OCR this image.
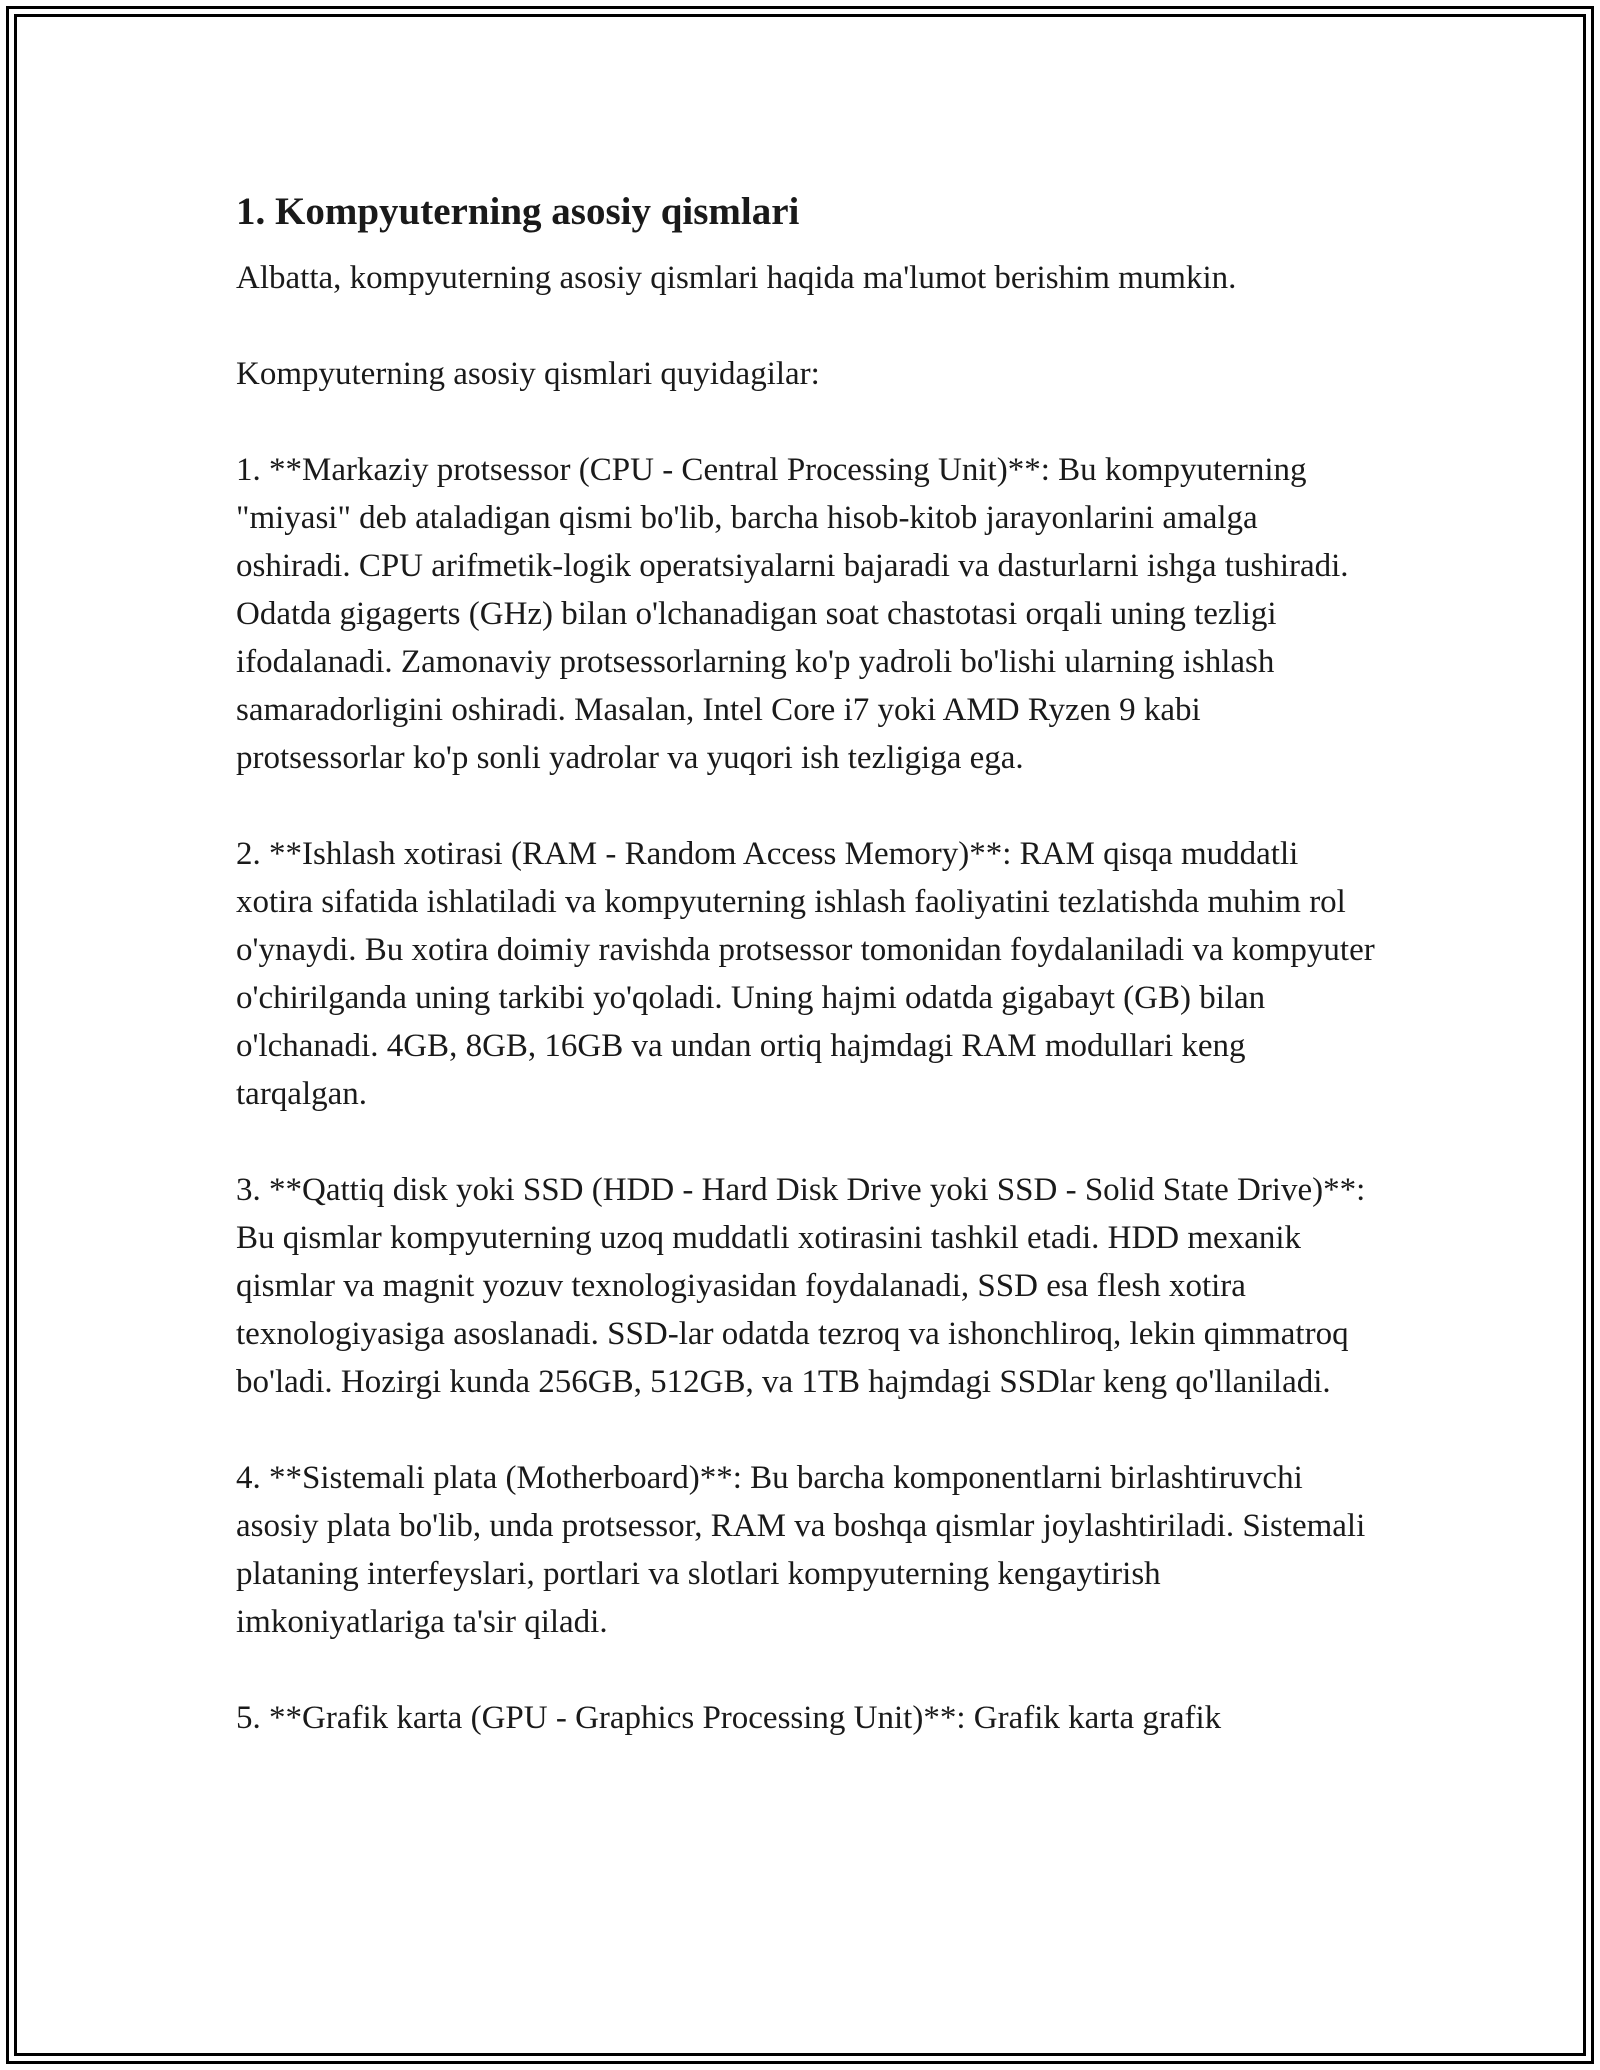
1. Kompyuterning asosiy qismlari

Albatta, kompyuterning asosiy qismlari haqida ma'lumot berishim mumkin.

Kompyuterning asosiy qismlari quyidagilar:

1. **Markaziy protsessor (CPU - Central Processing Unit)**: Bu kompyuterning "miyasi" deb ataladigan qismi bo'lib, barcha hisob-kitob jarayonlarini amalga oshiradi. CPU arifmetik-logik operatsiyalarni bajaradi va dasturlarni ishga tushiradi. Odatda gigagerts (GHz) bilan o'lchanadigan soat chastotasi orqali uning tezligi ifodalanadi. Zamonaviy protsessorlarning ko'p yadroli bo'lishi ularning ishlash samaradorligini oshiradi. Masalan, Intel Core i7 yoki AMD Ryzen 9 kabi protsessorlar ko'p sonli yadrolar va yuqori ish tezligiga ega.

2. **Ishlash xotirasi (RAM - Random Access Memory)**: RAM qisqa muddatli xotira sifatida ishlatiladi va kompyuterning ishlash faoliyatini tezlatishda muhim rol o'ynaydi. Bu xotira doimiy ravishda protsessor tomonidan foydalaniladi va kompyuter o'chirilganda uning tarkibi yo'qoladi. Uning hajmi odatda gigabayt (GB) bilan o'lchanadi. 4GB, 8GB, 16GB va undan ortiq hajmdagi RAM modullari keng tarqalgan.

3. **Qattiq disk yoki SSD (HDD - Hard Disk Drive yoki SSD - Solid State Drive)**: Bu qismlar kompyuterning uzoq muddatli xotirasini tashkil etadi. HDD mexanik qismlar va magnit yozuv texnologiyasidan foydalanadi, SSD esa flesh xotira texnologiyasiga asoslanadi. SSD-lar odatda tezroq va ishonchliroq, lekin qimmatroq bo'ladi. Hozirgi kunda 256GB, 512GB, va 1TB hajmdagi SSDlar keng qo'llaniladi.

4. **Sistemali plata (Motherboard)**: Bu barcha komponentlarni birlashtiruvchi asosiy plata bo'lib, unda protsessor, RAM va boshqa qismlar joylashtiriladi. Sistemali plataning interfeyslari, portlari va slotlari kompyuterning kengaytirish imkoniyatlariga ta'sir qiladi.

5. **Grafik karta (GPU - Graphics Processing Unit)**: Grafik karta grafik
